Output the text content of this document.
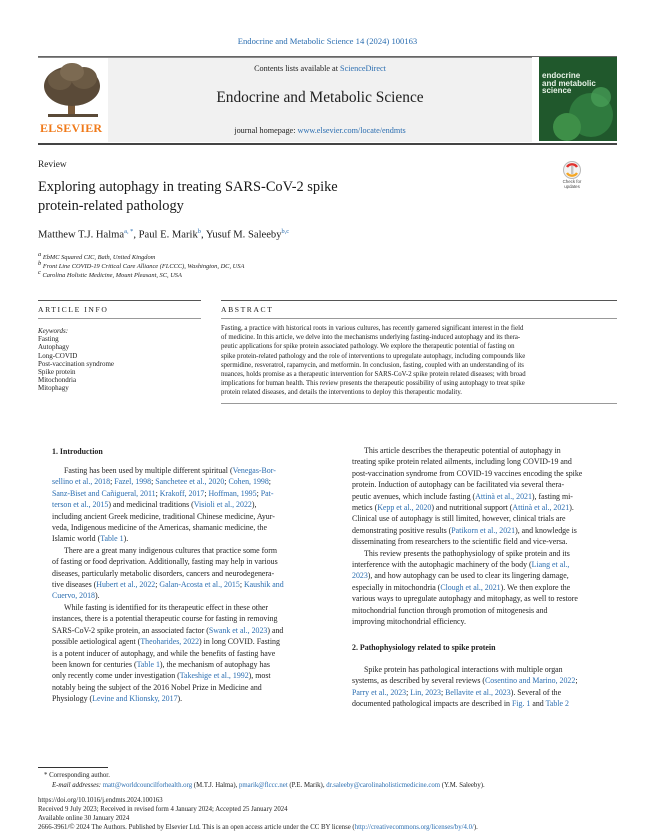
Endocrine and Metabolic Science 14 (2024) 100163
ELSEVIER
Contents lists available at ScienceDirect
Endocrine and Metabolic Science
journal homepage: www.elsevier.com/locate/endmts
endocrine
and metabolic
science
Review
Exploring autophagy in treating SARS-CoV-2 spike
protein-related pathology
Check for
updates
Matthew T.J. Halma$^{a, *}$, Paul E. Marik$^b$, Yusuf M. Saleeby$^{b,c}$
$^a$ EbMC Squared CIC, Bath, United Kingdom
$^b$ Front Line COVID-19 Critical Care Alliance (FLCCC), Washington, DC, USA
$^c$ Carolina Holistic Medicine, Mount Pleasant, SC, USA
ARTICLE INFO	ABSTRACT
Keywords:
Fasting
Autophagy
Long-COVID
Post-vaccination syndrome
Spike protein
Mitochondria
Mitophagy
Fasting, a practice with historical roots in various cultures, has recently garnered significant interest in the field
of medicine. In this article, we delve into the mechanisms underlying fasting-induced autophagy and its thera-
peutic applications for spike protein associated pathology. We explore the therapeutic potential of fasting on
spike protein-related pathology and the role of interventions to upregulate autophagy, including compounds like
spermidine, resveratrol, rapamycin, and metformin. In conclusion, fasting, coupled with an understanding of its
nuances, holds promise as a therapeutic intervention for SARS-CoV-2 spike protein related diseases; with broad
implications for human health. This review presents the therapeutic possibility of using autophagy to treat spike
protein related diseases, and details the interventions to deploy this therapeutic modality.
1. Introduction
Fasting has been used by multiple different spiritual (Venegas-Bor-
sellino et al., 2018; Fazel, 1998; Sanchetee et al., 2020; Cohen, 1998;
Sanz-Biset and Cañigueral, 2011; Krakoff, 2017; Hoffman, 1995; Pat-
terson et al., 2015) and medicinal traditions (Visioli et al., 2022),
including ancient Greek medicine, traditional Chinese medicine, Ayur-
veda, Indigenous medicine of the Americas, shamanic medicine, the
Islamic world (Table 1).
There are a great many indigenous cultures that practice some form
of fasting or food deprivation. Additionally, fasting may help in various
diseases, particularly metabolic disorders, cancers and neurodegenera-
tive diseases (Hubert et al., 2022; Galan-Acosta et al., 2015; Kaushik and
Cuervo, 2018).
While fasting is identified for its therapeutic effect in these other
instances, there is a potential therapeutic course for fasting in removing
SARS-CoV-2 spike protein, an associated factor (Swank et al., 2023) and
possible aetiological agent (Theoharides, 2022) in long COVID. Fasting
is a potent inducer of autophagy, and while the benefits of fasting have
been known for centuries (Table 1), the mechanism of autophagy has
only recently come under investigation (Takeshige et al., 1992), most
notably being the subject of the 2016 Nobel Prize in Medicine and
Physiology (Levine and Klionsky, 2017).
This article describes the therapeutic potential of autophagy in
treating spike protein related ailments, including long COVID-19 and
post-vaccination syndrome from COVID-19 vaccines encoding the spike
protein. Induction of autophagy can be facilitated via several thera-
peutic avenues, which include fasting (Attinà et al., 2021), fasting mi-
metics (Kepp et al., 2020) and nutritional support (Attinà et al., 2021).
Clinical use of autophagy is still limited, however, clinical trials are
demonstrating positive results (Patikorn et al., 2021), and knowledge is
disseminating from researchers to the scientific field and vice-versa.
This review presents the pathophysiology of spike protein and its
interference with the autophagic machinery of the body (Liang et al.,
2023), and how autophagy can be used to clear its lingering damage,
especially in mitochondria (Clough et al., 2021). We then explore the
various ways to upregulate autophagy and mitophagy, as well to restore
mitochondrial function through promotion of mitogenesis and
improving mitochondrial efficiency.
2. Pathophysiology related to spike protein
Spike protein has pathological interactions with multiple organ
systems, as described by several reviews (Cosentino and Marino, 2022;
Parry et al., 2023; Lin, 2023; Bellavite et al., 2023). Several of the
documented pathological impacts are described in Fig. 1 and Table 2
* Corresponding author.
E-mail addresses: matt@worldcouncilforhealth.org (M.T.J. Halma), pmarik@flccc.net (P.E. Marik), dr.saleeby@carolinaholisticmedicine.com (Y.M. Saleeby).
https://doi.org/10.1016/j.endmts.2024.100163
Received 9 July 2023; Received in revised form 4 January 2024; Accepted 25 January 2024
Available online 30 January 2024
2666-3961/© 2024 The Authors. Published by Elsevier Ltd. This is an open access article under the CC BY license (http://creativecommons.org/licenses/by/4.0/).
